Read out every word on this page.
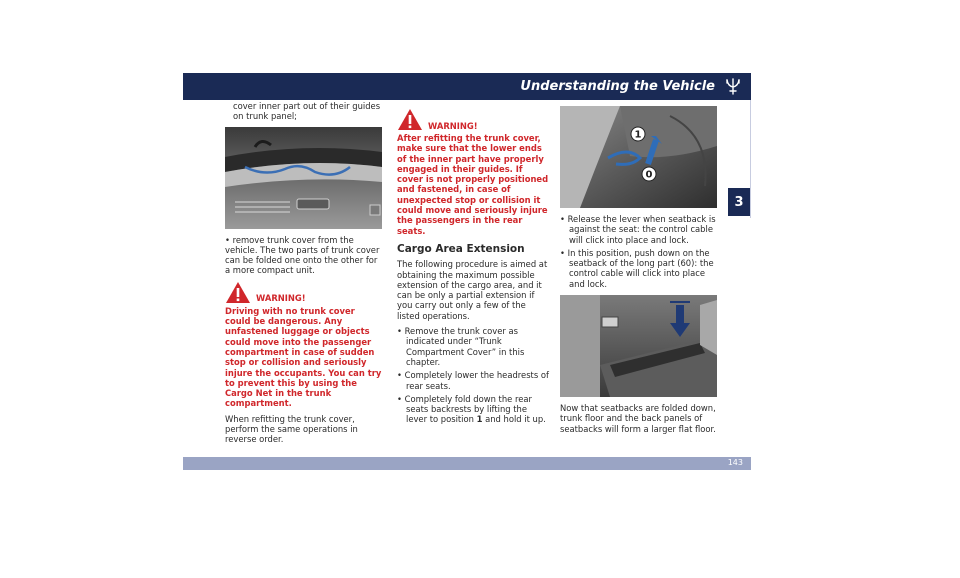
Understanding the Vehicle
3

cover inner part out of their guides on trunk panel;

• remove trunk cover from the vehicle. The two parts of trunk cover can be folded one onto the other for a more compact unit.

WARNING!

Driving with no trunk cover could be dangerous. Any unfastened luggage or objects could move into the passenger compartment in case of sudden stop or collision and seriously injure the occupants. You can try to prevent this by using the Cargo Net in the trunk compartment.

When refitting the trunk cover, perform the same operations in reverse order.

WARNING!

After refitting the trunk cover, make sure that the lower ends of the inner part have properly engaged in their guides. If cover is not properly positioned and fastened, in case of unexpected stop or collision it could move and seriously injure the passengers in the rear seats.

Cargo Area Extension

The following procedure is aimed at obtaining the maximum possible extension of the cargo area, and it can be only a partial extension if you carry out only a few of the listed operations.

• Remove the trunk cover as indicated under “Trunk Compartment Cover” in this chapter.

• Completely lower the headrests of rear seats.

• Completely fold down the rear seats backrests by lifting the lever to position 1 and hold it up.

1
0

• Release the lever when seatback is against the seat: the control cable will click into place and lock.

• In this position, push down on the seatback of the long part (60): the control cable will click into place and lock.

Now that seatbacks are folded down, trunk floor and the back panels of seatbacks will form a larger flat floor.

143
